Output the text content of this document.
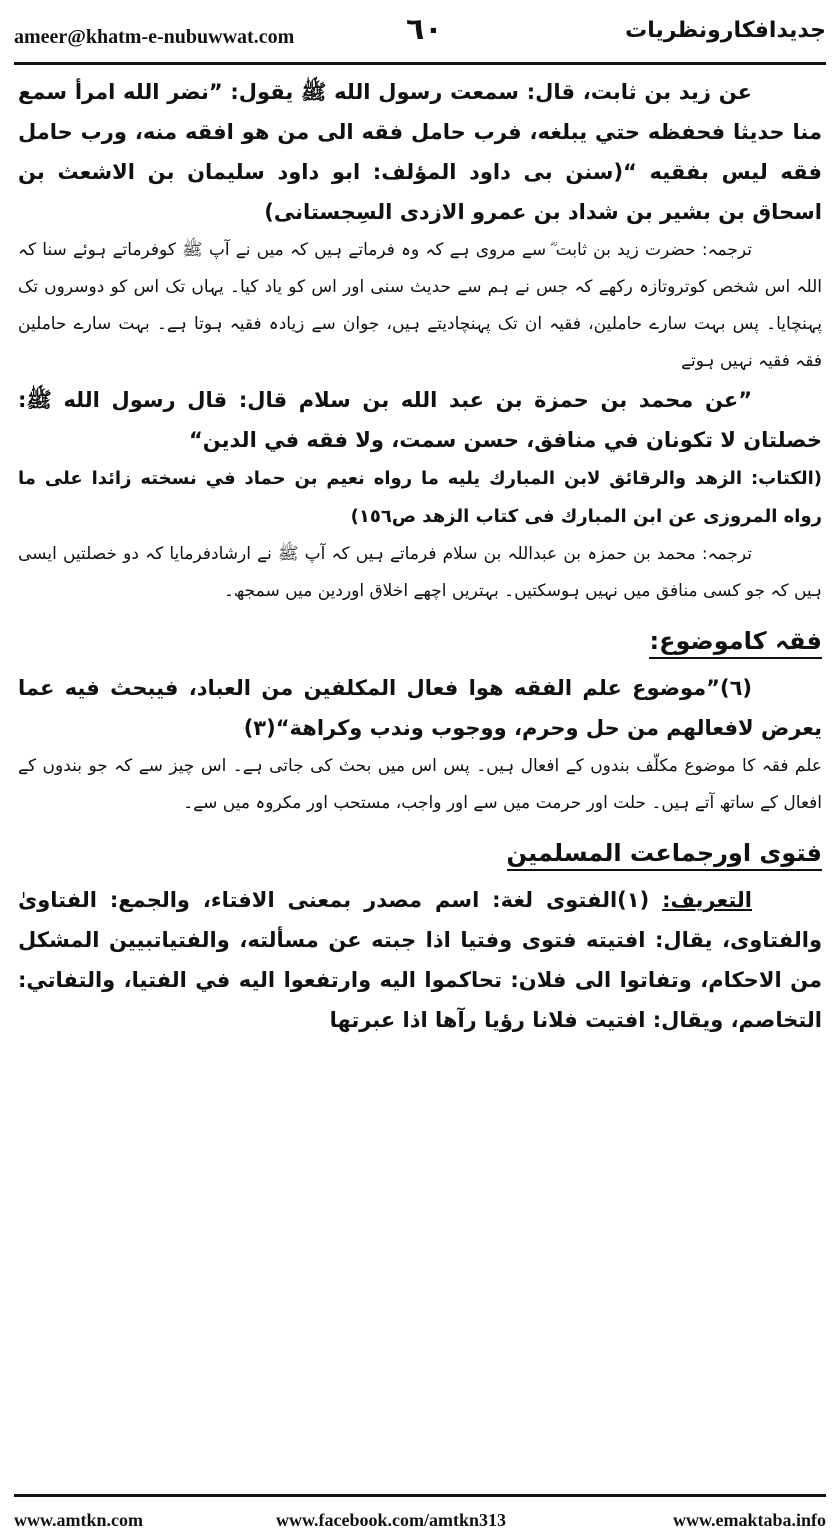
ameer@khatm-e-nubuwwat.com	٦٠	جدیدافکارونظریات

عن زيد بن ثابت، قال: سمعت رسول الله ﷺ يقول: ”نضر الله امرأ سمع منا حديثا فحفظه حتي يبلغه، فرب حامل فقه الى من هو افقه منه، ورب حامل فقه ليس بفقيه “(سنن بی داود المؤلف: ابو داود سليمان بن الاشعث بن اسحاق بن بشير بن شداد بن عمرو الازدی السِجستانی)

ترجمہ: حضرت زید بن ثابت ؓ سے مروی ہے کہ وہ فرماتے ہیں کہ میں نے آپ ﷺ کوفرماتے ہوئے سنا کہ اللہ اس شخص کوتروتازہ رکھے کہ جس نے ہم سے حدیث سنی اور اس کو یاد کیا۔ یہاں تک اس کو دوسروں تک پہنچایا۔ پس بہت سارے حاملین، فقیہ ان تک پہنچادیتے ہیں، جوان سے زیادہ فقیہ ہوتا ہے۔ بہت سارے حاملین فقہ فقیہ نہیں ہوتے

”عن محمد بن حمزة بن عبد الله بن سلام قال: قال رسول الله ﷺ: خصلتان لا تكونان في منافق، حسن سمت، ولا فقه في الدين“

(الكتاب: الزهد والرقائق لابن المبارك يليه ما رواه نعيم بن حماد في نسخته زائدا على ما رواه المروزی عن ابن المبارك فی كتاب الزهد ص١٥٦)

ترجمہ: محمد بن حمزہ بن عبداللہ بن سلام فرماتے ہیں کہ آپ ﷺ نے ارشادفرمایا کہ دو خصلتیں ایسی ہیں کہ جو کسی منافق میں نہیں ہوسکتیں۔ بہتریں اچھے اخلاق اوردین میں سمجھ۔

فقہ کاموضوع:

(٦)”موضوع علم الفقه هوا فعال المكلفين من العباد، فيبحث فيه عما يعرض لافعالهم من حل وحرم، ووجوب وندب وكراهة“(٣)

علم فقہ کا موضوع مکلّف بندوں کے افعال ہیں۔ پس اس میں بحث کی جاتی ہے۔ اس چیز سے کہ جو بندوں کے افعال کے ساتھ آتے ہیں۔ حلت اور حرمت میں سے اور واجب، مستحب اور مکروہ میں سے۔

فتوی اورجماعت المسلمین

التعريف: (١)الفتوى لغة: اسم مصدر بمعنى الافتاء، والجمع: الفتاوىٰ والفتاوى، يقال: افتيته فتوى وفتيا اذا جبته عن مسألته، والفتياتبيين المشكل من الاحكام، وتفاتوا الى فلان: تحاكموا اليه وارتفعوا اليه في الفتيا، والتفاتي: التخاصم، ويقال: افتيت فلانا رؤيا رآها اذا عبرتها

www.amtkn.com	www.facebook.com/amtkn313	www.emaktaba.info
